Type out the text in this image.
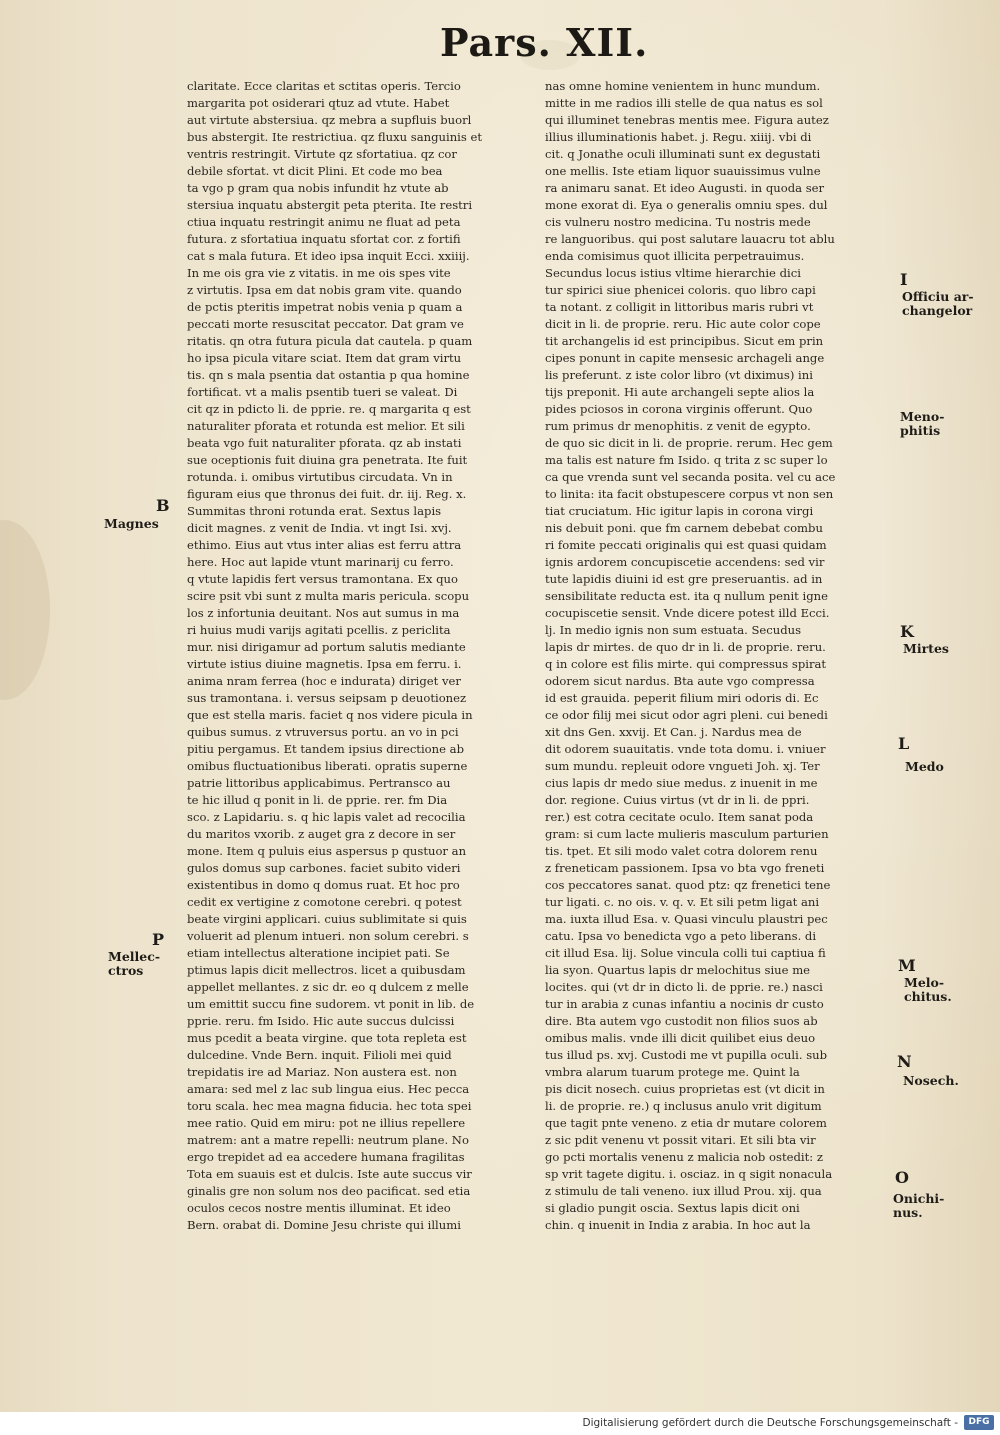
Pars. XII.
claritate. Ecce claritas et sctitas operis. Tercio
margarita pot osiderari qtuz ad vtute. Habet
aut virtute abstersiua. qz mebra a supfluis buorl
bus abstergit. Ite restrictiua. qz fluxu sanguinis et
ventris restringit. Virtute qz sfortatiua. qz cor
debile sfortat. vt dicit Plini. Et code mo bea
ta vgo p gram qua nobis infundit hz vtute ab
stersiua inquatu abstergit peta pterita. Ite restri
ctiua inquatu restringit animu ne fluat ad peta
futura. z sfortatiua inquatu sfortat cor. z fortifi
cat s mala futura. Et ideo ipsa inquit Ecci. xxiiij.
In me ois gra vie z vitatis. in me ois spes vite
z virtutis. Ipsa em dat nobis gram vite. quando
de pctis pteritis impetrat nobis venia p quam a
peccati morte resuscitat peccator. Dat gram ve
ritatis. qn otra futura picula dat cautela. p quam
ho ipsa picula vitare sciat. Item dat gram virtu
tis. qn s mala psentia dat ostantia p qua homine
fortificat. vt a malis psentib tueri se valeat. Di
cit qz in pdicto li. de pprie. re. q margarita q est
naturaliter pforata et rotunda est melior. Et sili
beata vgo fuit naturaliter pforata. qz ab instati
sue oceptionis fuit diuina gra penetrata. Ite fuit
rotunda. i. omibus virtutibus circudata. Vn in
figuram eius que thronus dei fuit. dr. iij. Reg. x.
Summitas throni rotunda erat. Sextus lapis
dicit magnes. z venit de India. vt ingt Isi. xvj.
ethimo. Eius aut vtus inter alias est ferru attra
here. Hoc aut lapide vtunt marinarij cu ferro.
q vtute lapidis fert versus tramontana. Ex quo
scire psit vbi sunt z multa maris pericula. scopu
los z infortunia deuitant. Nos aut sumus in ma
ri huius mudi varijs agitati pcellis. z periclita
mur. nisi dirigamur ad portum salutis mediante
virtute istius diuine magnetis. Ipsa em ferru. i.
anima nram ferrea (hoc e indurata) diriget ver
sus tramontana. i. versus seipsam p deuotionez
que est stella maris. faciet q nos videre picula in
quibus sumus. z vtruversus portu. an vo in pci
pitiu pergamus. Et tandem ipsius directione ab
omibus fluctuationibus liberati. opratis superne
patrie littoribus applicabimus. Pertransco au
te hic illud q ponit in li. de pprie. rer. fm Dia
sco. z Lapidariu. s. q hic lapis valet ad recocilia
du maritos vxorib. z auget gra z decore in ser
mone. Item q puluis eius aspersus p qustuor an
gulos domus sup carbones. faciet subito videri
existentibus in domo q domus ruat. Et hoc pro
cedit ex vertigine z comotone cerebri. q potest
beate virgini applicari. cuius sublimitate si quis
voluerit ad plenum intueri. non solum cerebri. s
etiam intellectus alteratione incipiet pati. Se
ptimus lapis dicit mellectros. licet a quibusdam
appellet mellantes. z sic dr. eo q dulcem z melle
um emittit succu fine sudorem. vt ponit in lib. de
pprie. reru. fm Isido. Hic aute succus dulcissi
mus pcedit a beata virgine. que tota repleta est
dulcedine. Vnde Bern. inquit. Filioli mei quid
trepidatis ire ad Mariaz. Non austera est. non
amara: sed mel z lac sub lingua eius. Hec pecca
toru scala. hec mea magna fiducia. hec tota spei
mee ratio. Quid em miru: pot ne illius repellere
matrem: ant a matre repelli: neutrum plane. No
ergo trepidet ad ea accedere humana fragilitas
Tota em suauis est et dulcis. Iste aute succus vir
ginalis gre non solum nos deo pacificat. sed etia
oculos cecos nostre mentis illuminat. Et ideo
Bern. orabat di. Domine Jesu christe qui illumi
nas omne homine venientem in hunc mundum.
mitte in me radios illi stelle de qua natus es sol
qui illuminet tenebras mentis mee. Figura autez
illius illuminationis habet. j. Regu. xiiij. vbi di
cit. q Jonathe oculi illuminati sunt ex degustati
one mellis. Iste etiam liquor suauissimus vulne
ra animaru sanat. Et ideo Augusti. in quoda ser
mone exorat di. Eya o generalis omniu spes. dul
cis vulneru nostro medicina. Tu nostris mede
re languoribus. qui post salutare lauacru tot ablu
enda comisimus quot illicita perpetrauimus.
Secundus locus istius vltime hierarchie dici
tur spirici siue phenicei coloris. quo libro capi
ta notant. z colligit in littoribus maris rubri vt
dicit in li. de proprie. reru. Hic aute color cope
tit archangelis id est principibus. Sicut em prin
cipes ponunt in capite mensesic archageli ange
lis preferunt. z iste color libro (vt diximus) ini
tijs preponit. Hi aute archangeli septe alios la
pides pciosos in corona virginis offerunt. Quo
rum primus dr menophitis. z venit de egypto.
de quo sic dicit in li. de proprie. rerum. Hec gem
ma talis est nature fm Isido. q trita z sc super lo
ca que vrenda sunt vel secanda posita. vel cu ace
to linita: ita facit obstupescere corpus vt non sen
tiat cruciatum. Hic igitur lapis in corona virgi
nis debuit poni. que fm carnem debebat combu
ri fomite peccati originalis qui est quasi quidam
ignis ardorem concupiscetie accendens: sed vir
tute lapidis diuini id est gre preseruantis. ad in
sensibilitate reducta est. ita q nullum penit igne
cocupiscetie sensit. Vnde dicere potest illd Ecci.
lj. In medio ignis non sum estuata. Secudus
lapis dr mirtes. de quo dr in li. de proprie. reru.
q in colore est filis mirte. qui compressus spirat
odorem sicut nardus. Bta aute vgo compressa
id est grauida. peperit filium miri odoris di. Ec
ce odor filij mei sicut odor agri pleni. cui benedi
xit dns Gen. xxvij. Et Can. j. Nardus mea de
dit odorem suauitatis. vnde tota domu. i. vniuer
sum mundu. repleuit odore vngueti Joh. xj. Ter
cius lapis dr medo siue medus. z inuenit in me
dor. regione. Cuius virtus (vt dr in li. de ppri.
rer.) est cotra cecitate oculo. Item sanat poda
gram: si cum lacte mulieris masculum parturien
tis. tpet. Et sili modo valet cotra dolorem renu
z freneticam passionem. Ipsa vo bta vgo freneti
cos peccatores sanat. quod ptz: qz frenetici tene
tur ligati. c. no ois. v. q. v. Et sili petm ligat ani
ma. iuxta illud Esa. v. Quasi vinculu plaustri pec
catu. Ipsa vo benedicta vgo a peto liberans. di
cit illud Esa. lij. Solue vincula colli tui captiua fi
lia syon. Quartus lapis dr melochitus siue me
locites. qui (vt dr in dicto li. de pprie. re.) nasci
tur in arabia z cunas infantiu a nocinis dr custo
dire. Bta autem vgo custodit non filios suos ab
omibus malis. vnde illi dicit quilibet eius deuo
tus illud ps. xvj. Custodi me vt pupilla oculi. sub
vmbra alarum tuarum protege me. Quint la
pis dicit nosech. cuius proprietas est (vt dicit in
li. de proprie. re.) q inclusus anulo vrit digitum
que tagit pnte veneno. z etia dr mutare colorem
z sic pdit venenu vt possit vitari. Et sili bta vir
go pcti mortalis venenu z malicia nob ostedit: z
sp vrit tagete digitu. i. osciaz. in q sigit nonacula
z stimulu de tali veneno. iux illud Prou. xij. qua
si gladio pungit oscia. Sextus lapis dicit oni
chin. q inuenit in India z arabia. In hoc aut la
B
Magnes
P
Mellec-ctros
I
Officiu ar-changelor
Meno-phitis
K
Mirtes
L
Medo
M
Melo-chitus.
N
Nosech.
O
Onichi-nus.
Digitalisierung gefördert durch die Deutsche Forschungsgemeinschaft -	DFG
